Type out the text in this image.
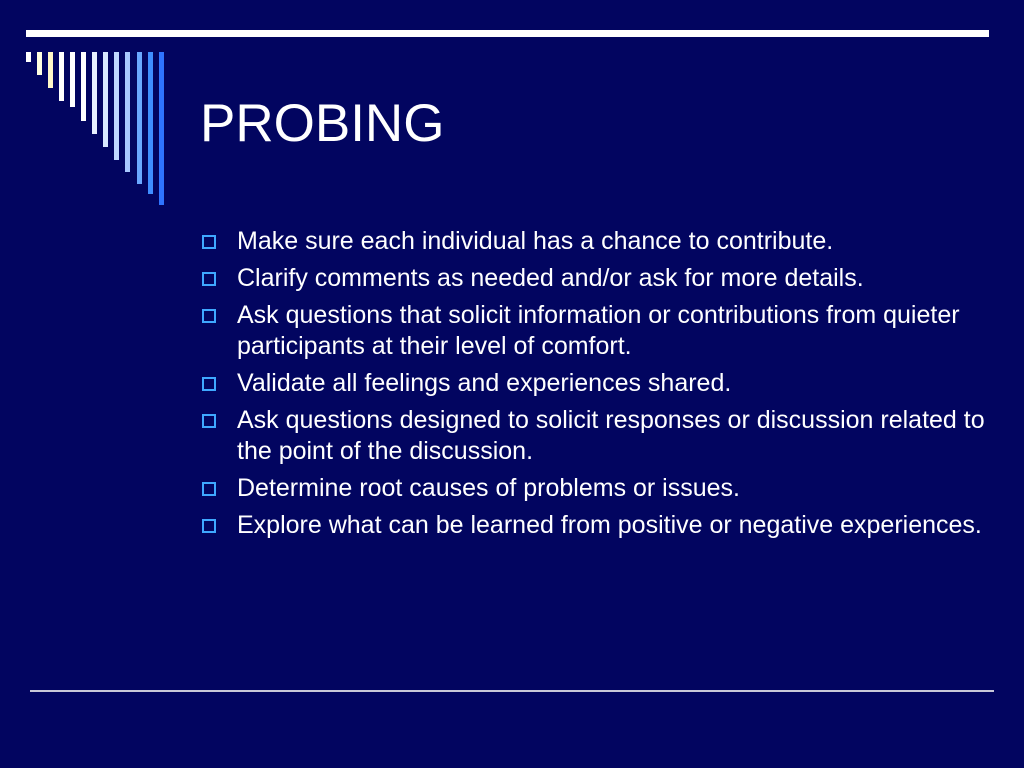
PROBING
Make sure each individual has a chance to contribute.
Clarify comments as needed and/or ask for more details.
Ask questions that solicit information or contributions from quieter participants at their level of comfort.
Validate all feelings and experiences shared.
Ask questions designed to solicit responses or discussion related to the point of the discussion.
Determine root causes of problems or issues.
Explore what can be learned from positive or negative experiences.
